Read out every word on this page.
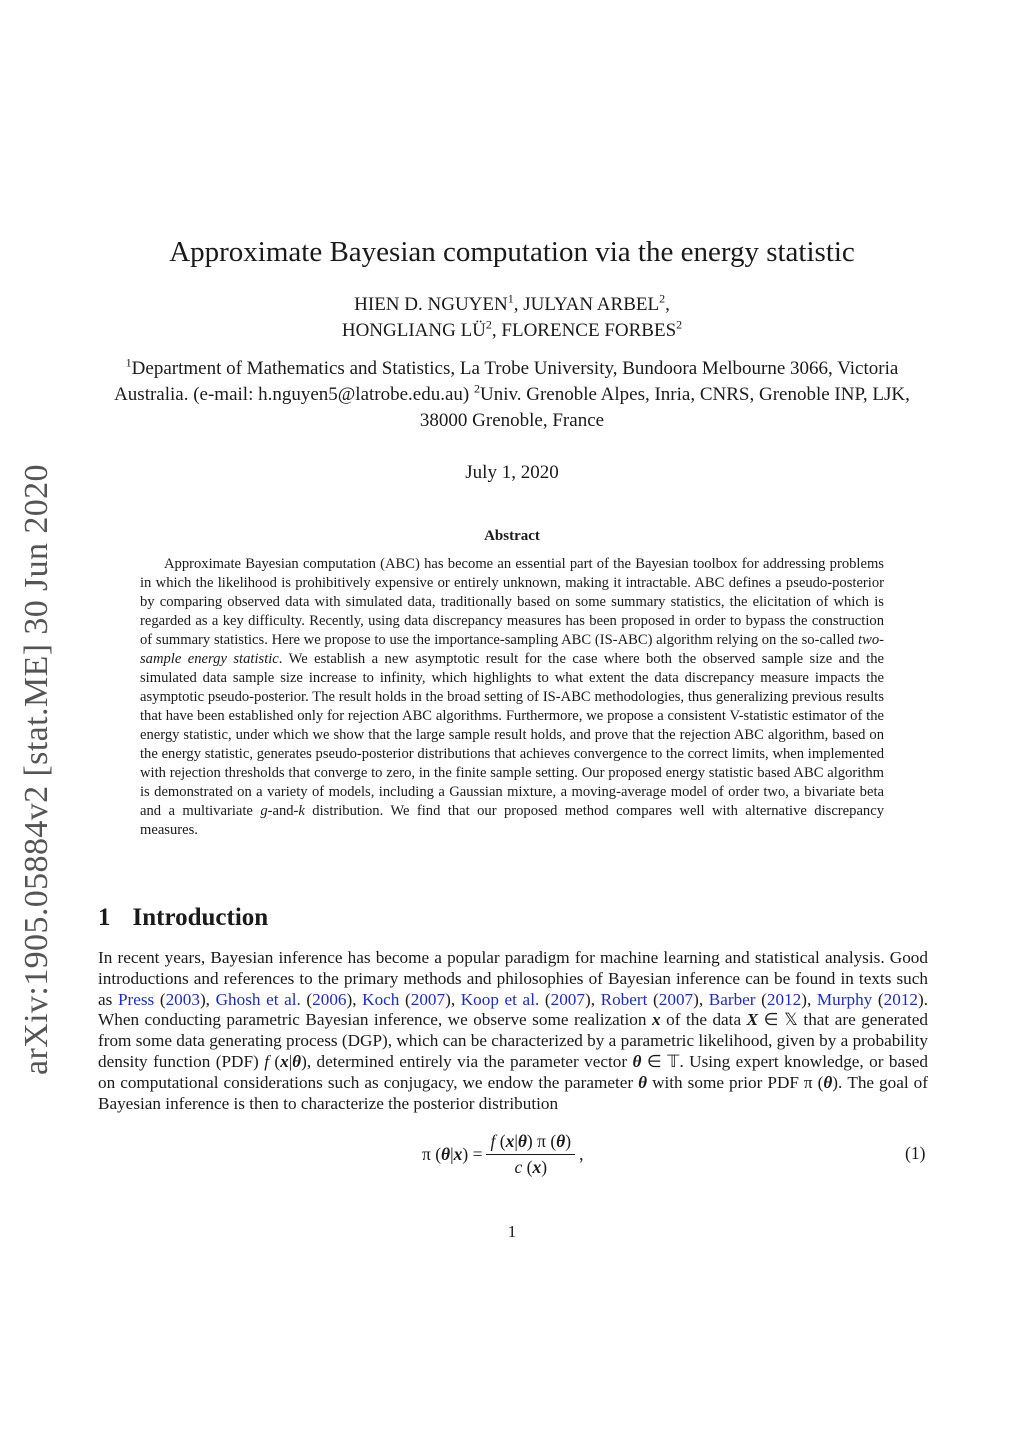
arXiv:1905.05884v2 [stat.ME] 30 Jun 2020
Approximate Bayesian computation via the energy statistic
HIEN D. NGUYEN$^1$, JULYAN ARBEL$^2$,
HONGLIANG $LÜ^2$, FLORENCE FORBES$^2$
$^1$Department of Mathematics and Statistics, La Trobe University, Bundoora Melbourne 3066, Victoria Australia. (e-mail: h.nguyen5@latrobe.edu.au) $^2$Univ. Grenoble Alpes, Inria, CNRS, Grenoble INP, LJK, 38000 Grenoble, France
July 1, 2020
Abstract
Approximate Bayesian computation (ABC) has become an essential part of the Bayesian toolbox for addressing problems in which the likelihood is prohibitively expensive or entirely unknown, making it intractable. ABC defines a pseudo-posterior by comparing observed data with simulated data, traditionally based on some summary statistics, the elicitation of which is regarded as a key difficulty. Recently, using data discrepancy measures has been proposed in order to bypass the construction of summary statistics. Here we propose to use the importance-sampling ABC (IS-ABC) algorithm relying on the so-called two-sample energy statistic. We establish a new asymptotic result for the case where both the observed sample size and the simulated data sample size increase to infinity, which highlights to what extent the data discrepancy measure impacts the asymptotic pseudo-posterior. The result holds in the broad setting of IS-ABC methodologies, thus generalizing previous results that have been established only for rejection ABC algorithms. Furthermore, we propose a consistent V-statistic estimator of the energy statistic, under which we show that the large sample result holds, and prove that the rejection ABC algorithm, based on the energy statistic, generates pseudo-posterior distributions that achieves convergence to the correct limits, when implemented with rejection thresholds that converge to zero, in the finite sample setting. Our proposed energy statistic based ABC algorithm is demonstrated on a variety of models, including a Gaussian mixture, a moving-average model of order two, a bivariate beta and a multivariate g-and-k distribution. We find that our proposed method compares well with alternative discrepancy measures.
1 Introduction
In recent years, Bayesian inference has become a popular paradigm for machine learning and statistical analysis. Good introductions and references to the primary methods and philosophies of Bayesian inference can be found in texts such as Press (2003), Ghosh et al. (2006), Koch (2007), Koop et al. (2007), Robert (2007), Barber (2012), Murphy (2012). When conducting parametric Bayesian inference, we observe some realization x of the data X ∈ 𝕏 that are generated from some data generating process (DGP), which can be characterized by a parametric likelihood, given by a probability density function (PDF) f (x|θ), determined entirely via the parameter vector θ ∈ 𝕋. Using expert knowledge, or based on computational considerations such as conjugacy, we endow the parameter θ with some prior PDF π (θ). The goal of Bayesian inference is then to characterize the posterior distribution
π $(\theta|x) = \frac{f (x|\theta) \pi (\theta)}{c (x)}$ ,	(1)
1
